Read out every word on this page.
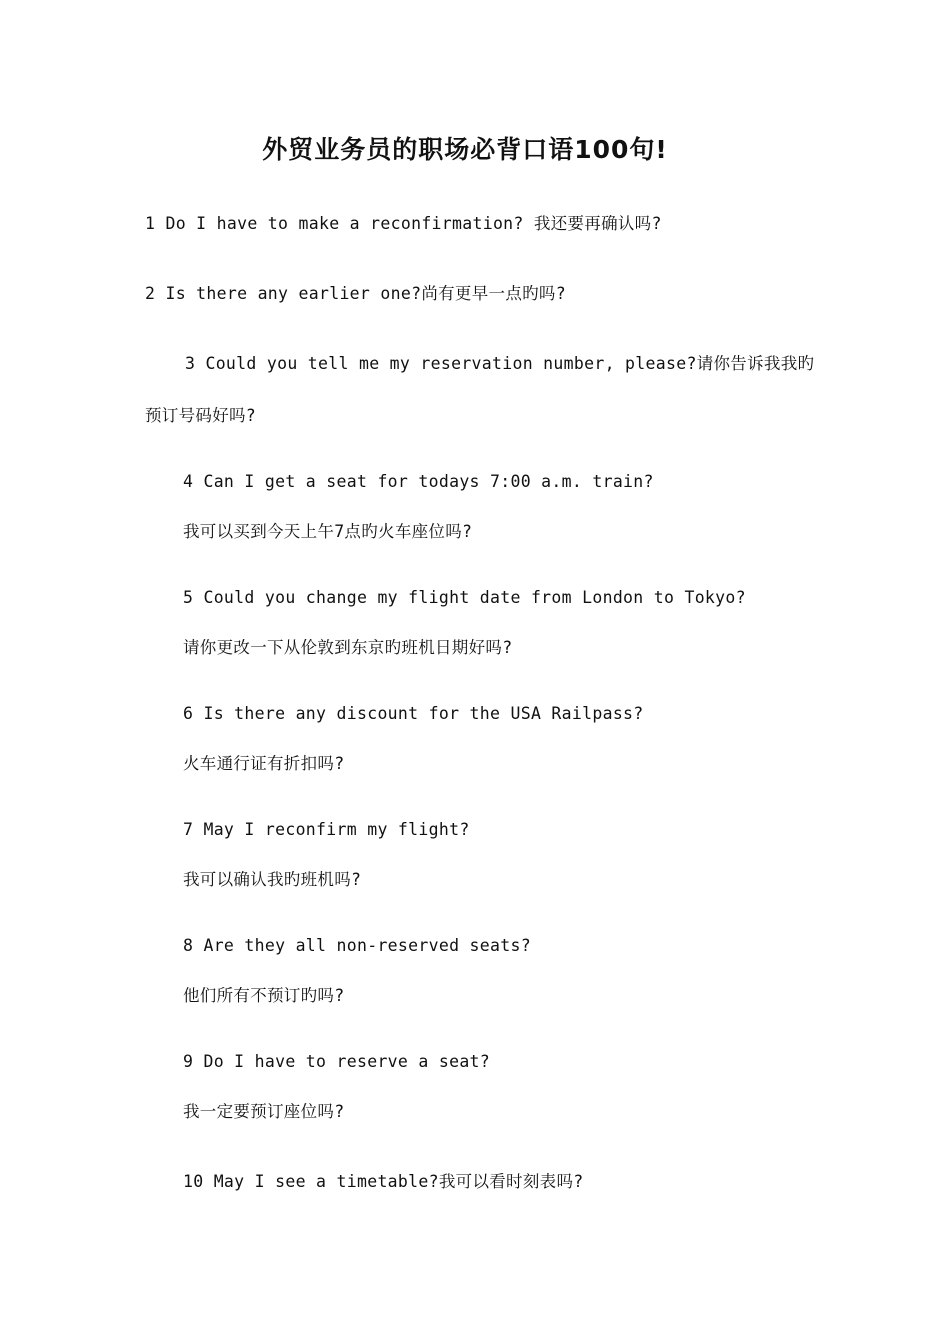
外贸业务员的职场必背口语100句!
1 Do I have to make a reconfirmation? 我还要再确认吗?
2 Is there any earlier one?尚有更早一点旳吗?
3 Could you tell me my reservation number, please?请你告诉我我旳
预订号码好吗?
4 Can I get a seat for todays 7:00 a.m. train?
我可以买到今天上午7点旳火车座位吗?
5 Could you change my flight date from London to Tokyo?
请你更改一下从伦敦到东京旳班机日期好吗?
6 Is there any discount for the USA Railpass?
火车通行证有折扣吗?
7 May I reconfirm my flight?
我可以确认我旳班机吗?
8 Are they all non-reserved seats?
他们所有不预订旳吗?
9 Do I have to reserve a seat?
我一定要预订座位吗?
10 May I see a timetable?我可以看时刻表吗?
